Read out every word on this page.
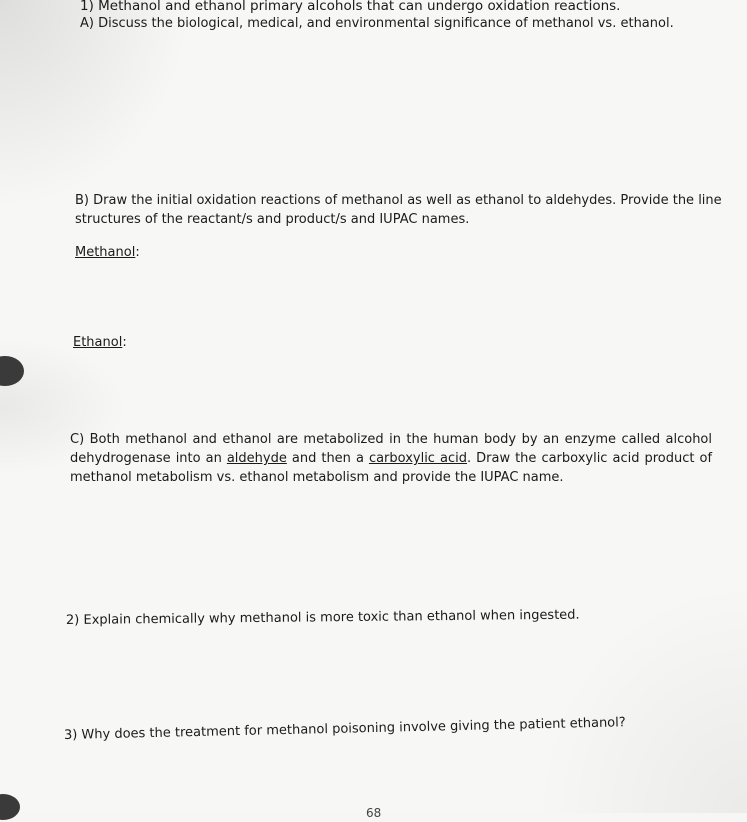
1) Methanol and ethanol primary alcohols that can undergo oxidation reactions.
A) Discuss the biological, medical, and environmental significance of methanol vs. ethanol.
B) Draw the initial oxidation reactions of methanol as well as ethanol to aldehydes. Provide the line
structures of the reactant/s and product/s and IUPAC names.
Methanol:
Ethanol:
C) Both methanol and ethanol are metabolized in the human body by an enzyme called alcohol dehydrogenase into an aldehyde and then a carboxylic acid. Draw the carboxylic acid product of methanol metabolism vs. ethanol metabolism and provide the IUPAC name.
2) Explain chemically why methanol is more toxic than ethanol when ingested.
3) Why does the treatment for methanol poisoning involve giving the patient ethanol?
68
